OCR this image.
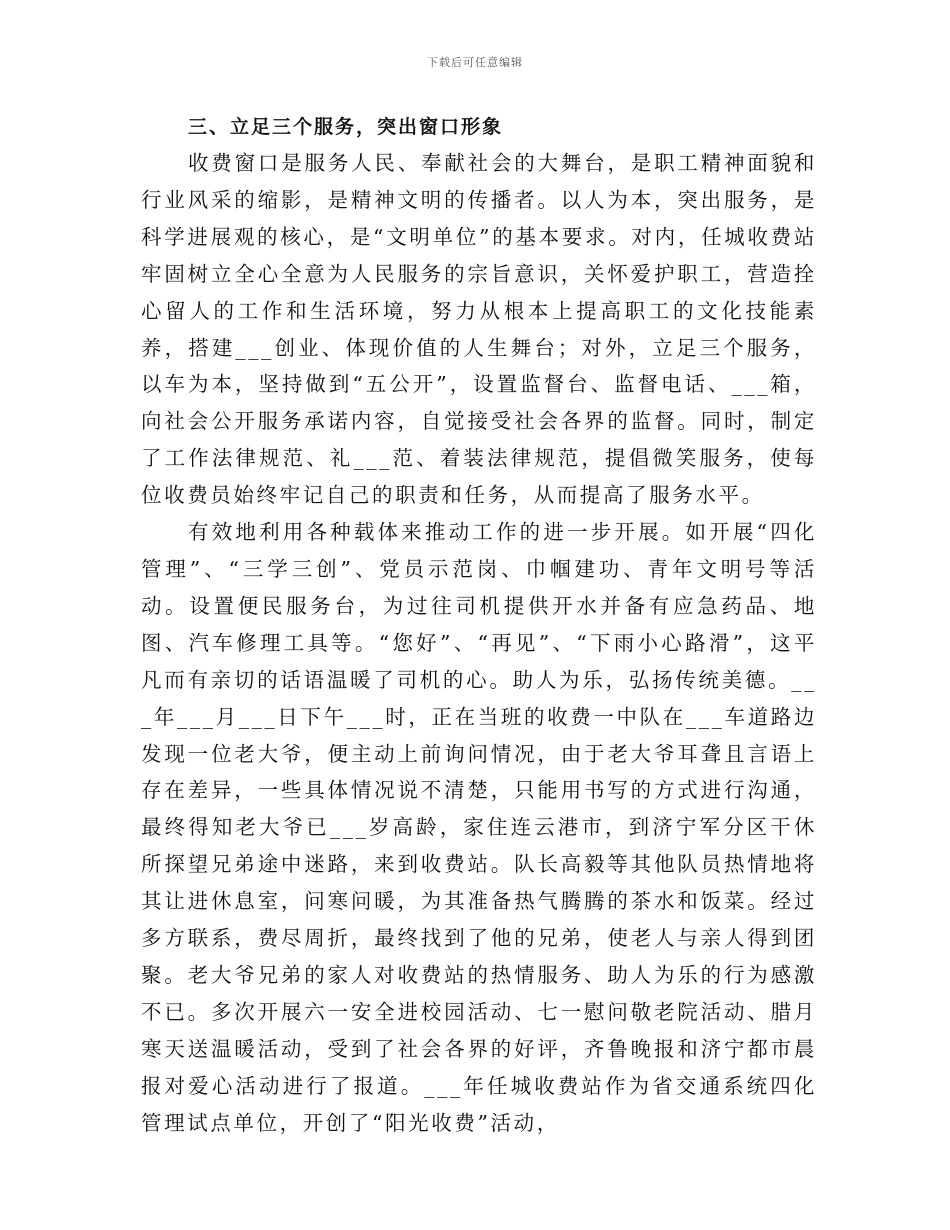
下载后可任意编辑
三、立足三个服务，突出窗口形象

收费窗口是服务人民、奉献社会的大舞台，是职工精神面貌和行业风采的缩影，是精神文明的传播者。以人为本，突出服务，是科学进展观的核心，是“文明单位”的基本要求。对内，任城收费站牢固树立全心全意为人民服务的宗旨意识，关怀爱护职工，营造拴心留人的工作和生活环境，努力从根本上提高职工的文化技能素养，搭建___创业、体现价值的人生舞台；对外，立足三个服务，以车为本，坚持做到“五公开”，设置监督台、监督电话、___箱，向社会公开服务承诺内容，自觉接受社会各界的监督。同时，制定了工作法律规范、礼___范、着装法律规范，提倡微笑服务，使每位收费员始终牢记自己的职责和任务，从而提高了服务水平。

有效地利用各种载体来推动工作的进一步开展。如开展“四化管理”、“三学三创”、党员示范岗、巾帼建功、青年文明号等活动。设置便民服务台，为过往司机提供开水并备有应急药品、地图、汽车修理工具等。“您好”、“再见”、“下雨小心路滑”，这平凡而有亲切的话语温暖了司机的心。助人为乐，弘扬传统美德。___年___月___日下午___时，正在当班的收费一中队在___车道路边发现一位老大爷，便主动上前询问情况，由于老大爷耳聋且言语上存在差异，一些具体情况说不清楚，只能用书写的方式进行沟通，最终得知老大爷已___岁高龄，家住连云港市，到济宁军分区干休所探望兄弟途中迷路，来到收费站。队长高毅等其他队员热情地将其让进休息室，问寒问暖，为其准备热气腾腾的茶水和饭菜。经过多方联系，费尽周折，最终找到了他的兄弟，使老人与亲人得到团聚。老大爷兄弟的家人对收费站的热情服务、助人为乐的行为感激不已。多次开展六一安全进校园活动、七一慰问敬老院活动、腊月寒天送温暖活动，受到了社会各界的好评，齐鲁晚报和济宁都市晨报对爱心活动进行了报道。___年任城收费站作为省交通系统四化管理试点单位，开创了“阳光收费”活动，
